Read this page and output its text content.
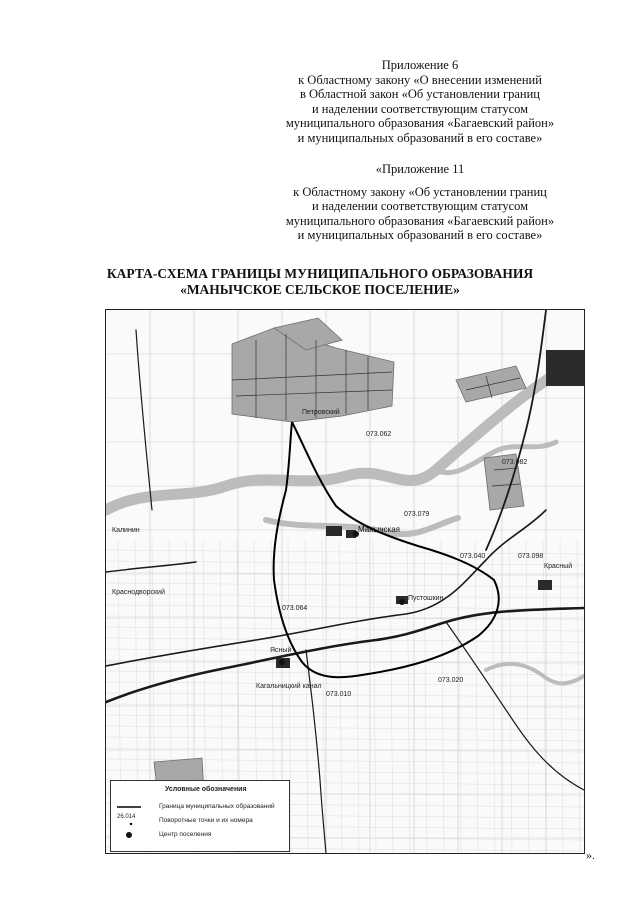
Приложение 6
к Областному закону «О внесении изменений
в Областной закон «Об установлении границ
и наделении соответствующим статусом
муниципального образования «Багаевский район»
и муниципальных образований в его составе»
«Приложение 11
к Областному закону «Об установлении границ
и наделении соответствующим статусом
муниципального образования «Багаевский район»
и муниципальных образований в его составе»
КАРТА-СХЕМА ГРАНИЦЫ МУНИЦИПАЛЬНОГО ОБРАЗОВАНИЯ
«МАНЫЧСКОЕ СЕЛЬСКОЕ ПОСЕЛЕНИЕ»
Манычская
Пустошкин
Ясный
Краснодворский
Калинин
Красный
Кагальницкий канал
Петровский
073.062
073.082
073.098
073.010
073.020
073.040
073.064
073.079
Условные обозначения
Граница муниципальных образований
26.014	Поворотные точки и их номера
Центр поселения
».
